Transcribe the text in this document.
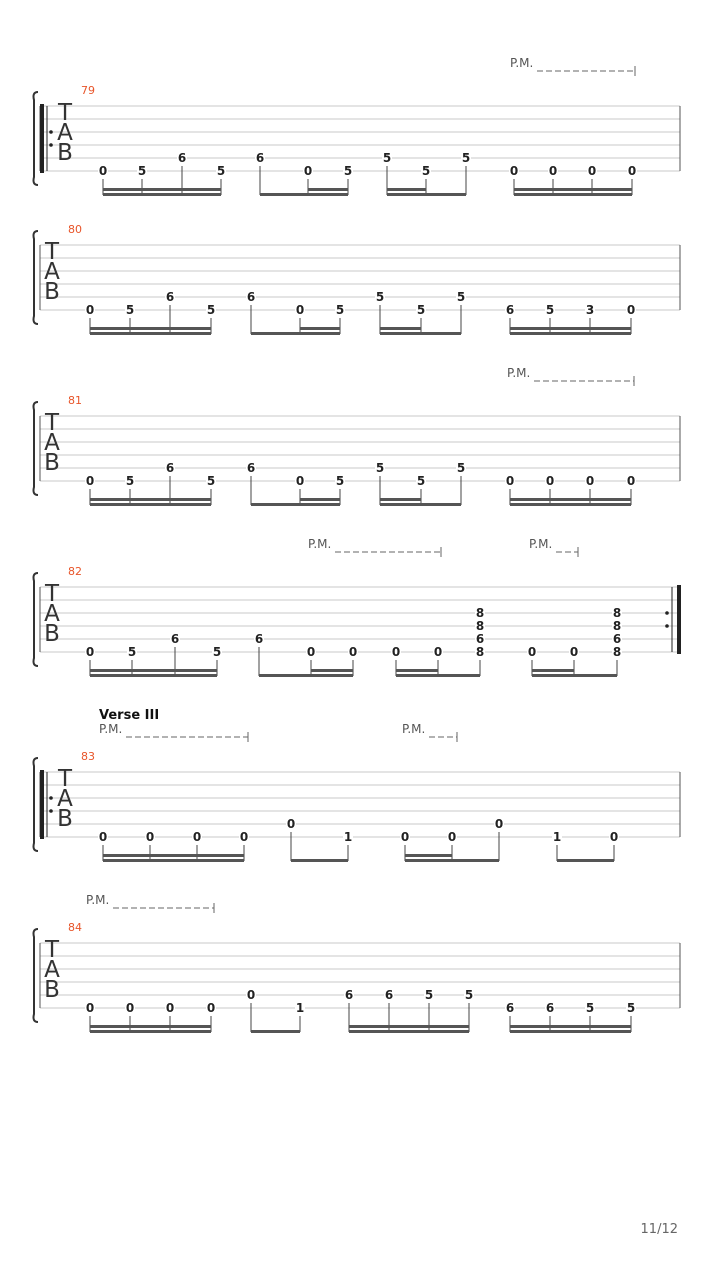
T
A
B
79
P.M.
0	5
6
5
6
0	5
5
5
5
0	0	0	0
T
A
B
80
0	5
6
5
6
0	5
5
5
5
6	5	3	0
T
A
B
81
P.M.
0	5
6
5
6
0	5
5
5
5
0	0	0	0
T
A
B
82
P.M.	P.M.
0	5
6
5
6
0	0	0	0
8
8
6
8	0	0
8
8
6
8
T
A
B
83
Verse III
P.M.	P.M.
0	0	0	0
0
1	0	0
0
1	0
T
A
B
84
P.M.
0	0	0	0
0
1
6	6	5	5
6	6	5	5
11/12
